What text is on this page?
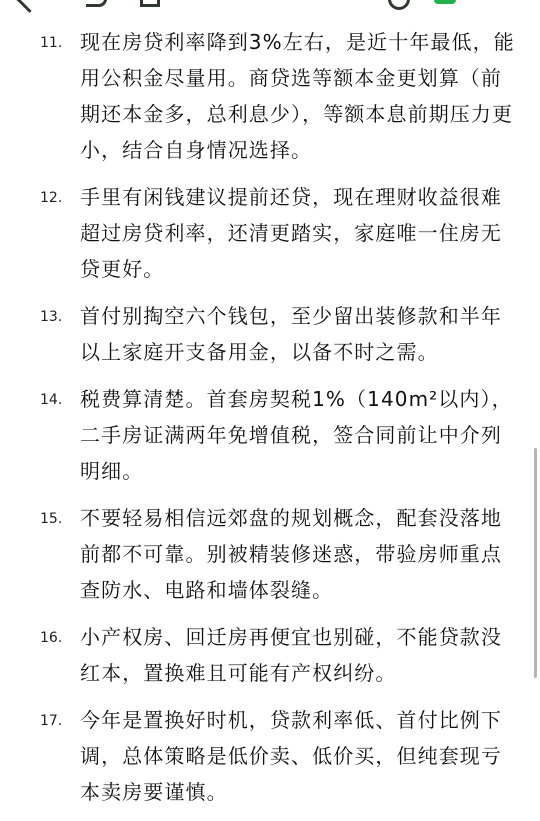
11. 现在房贷利率降到3%左右，是近十年最低，能用公积金尽量用。商贷选等额本金更划算（前期还本金多，总利息少），等额本息前期压力更小，结合自身情况选择。
12. 手里有闲钱建议提前还贷，现在理财收益很难超过房贷利率，还清更踏实，家庭唯一住房无贷更好。
13. 首付别掏空六个钱包，至少留出装修款和半年以上家庭开支备用金，以备不时之需。
14. 税费算清楚。首套房契税1%（140m²以内），二手房证满两年免增值税，签合同前让中介列明细。
15. 不要轻易相信远郊盘的规划概念，配套没落地前都不可靠。别被精装修迷惑，带验房师重点查防水、电路和墙体裂缝。
16. 小产权房、回迁房再便宜也别碰，不能贷款没红本，置换难且可能有产权纠纷。
17. 今年是置换好时机，贷款利率低、首付比例下调，总体策略是低价卖、低价买，但纯套现亏本卖房要谨慎。
